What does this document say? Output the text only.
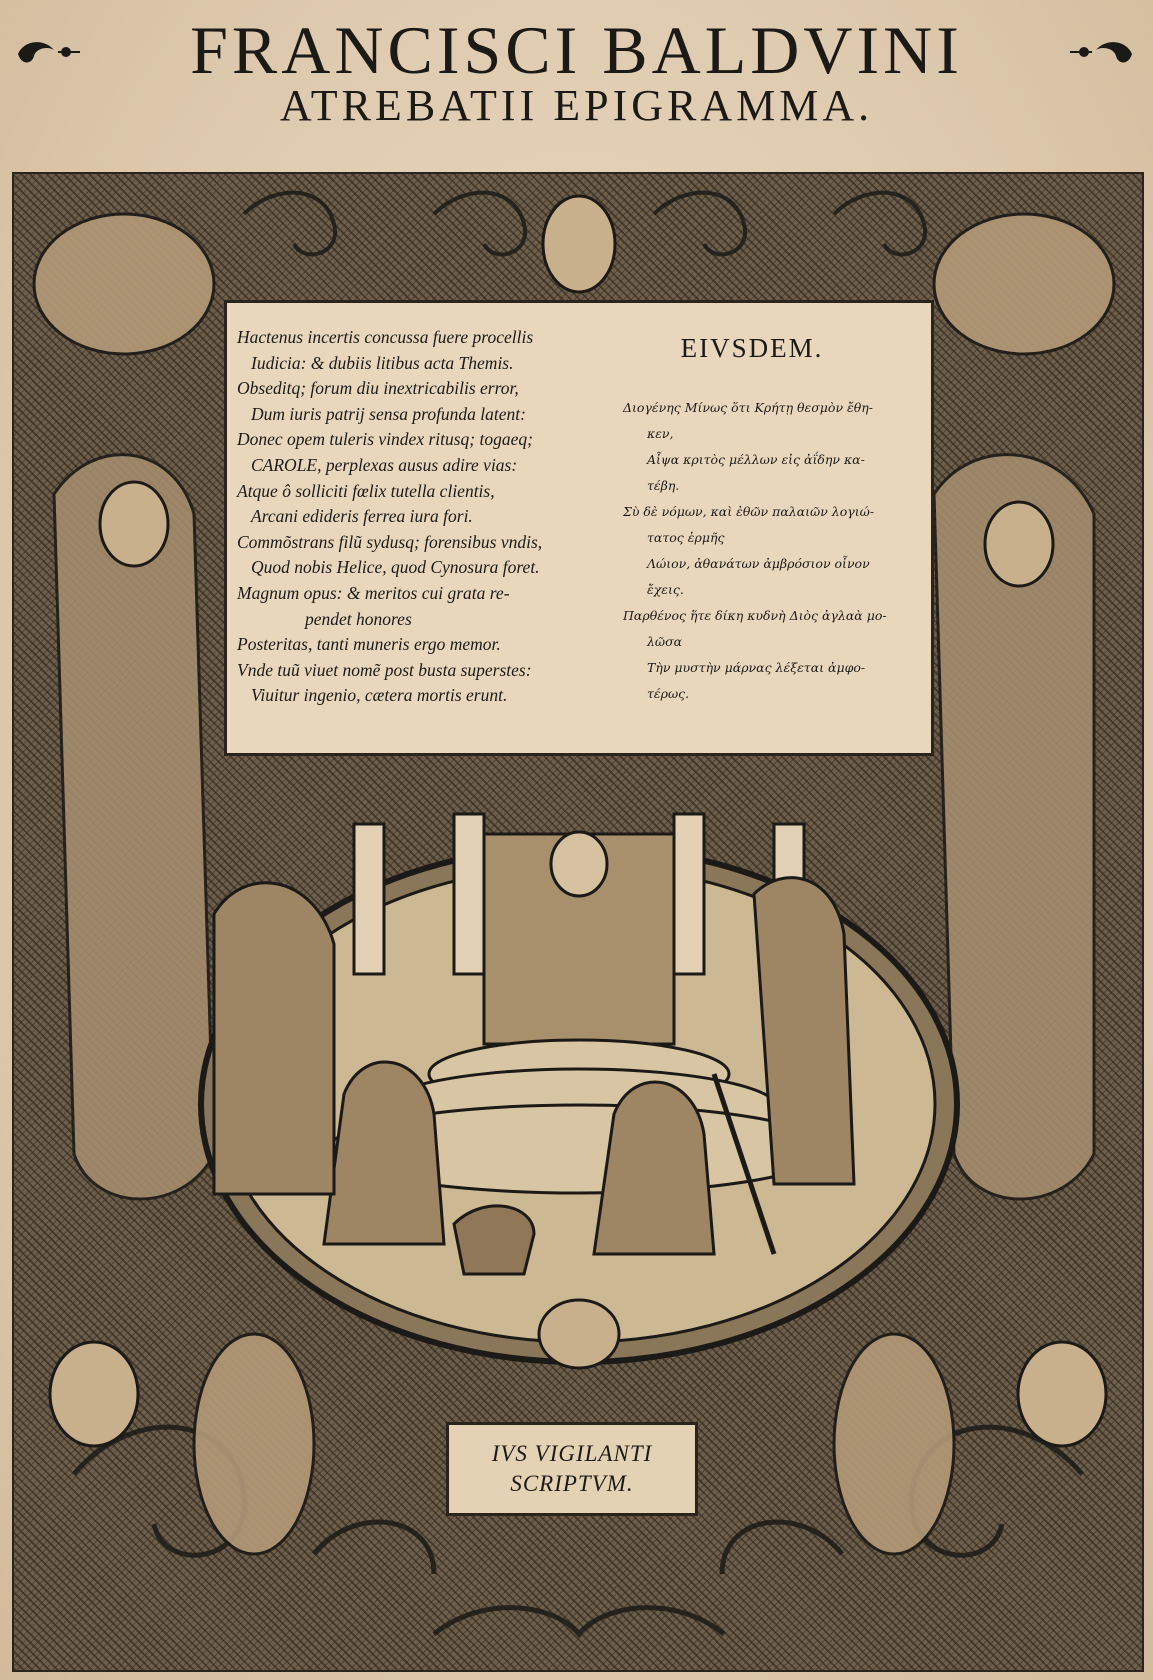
FRANCISCI BALDVINI
ATREBATII EPIGRAMMA.
Hactenus incertis concussa fuere procellis
Iudicia: & dubiis litibus acta Themis.
Obseditq; forum diu inextricabilis error,
Dum iuris patrij sensa profunda latent:
Donec opem tuleris vindex ritusq; togaeq;
CAROLE, perplexas ausus adire vias:
Atque ô solliciti fœlix tutella clientis,
Arcani edideris ferrea iura fori.
Commõstrans filũ sydusq; forensibus vndis,
Quod nobis Helice, quod Cynosura foret.
Magnum opus: & meritos cui grata re-
pendet honores
Posteritas, tanti muneris ergo memor.
Vnde tuũ viuet nomẽ post busta superstes:
Viuitur ingenio, cætera mortis erunt.
EIVSDEM.
Διογένης Μίνως ὅτι Κρήτῃ θεσμὸν ἔθη-
κεν,
Αἶψα κριτὸς μέλλων εἰς ἀΐδην κα-
τέβη.
Σὺ δὲ νόμων, καὶ ἐθῶν παλαιῶν λογιώ-
τατος ἑρμῆς
Λώιον, ἀθανάτων ἀμβρόσιον οἶνον
ἔχεις.
Παρθένος ἥτε δίκη κυδνὴ Διὸς ἀγλαὰ μο-
λῶσα
Τὴν μυστὴν μάρνας λέξεται ἀμφο-
τέρως.
IVS VIGILANTI
SCRIPTVM.
